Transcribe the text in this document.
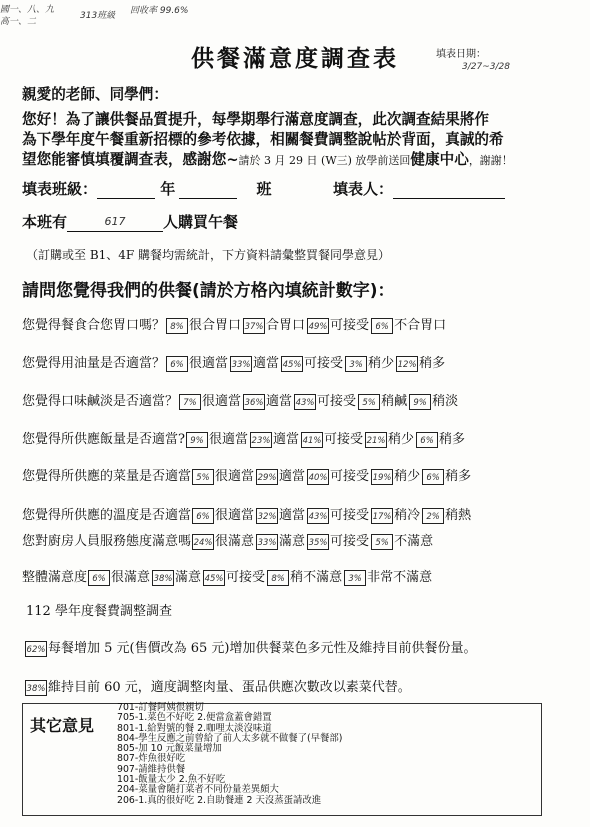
國一、八、九
高一、二
313班級 回收率 99.6%
供餐滿意度調查表	填表日期：
3/27~3/28
親愛的老師、同學們：
您好！為了讓供餐品質提升，每學期舉行滿意度調查，此次調查結果將作
為下學年度午餐重新招標的參考依據，相關餐費調整說帖於背面，真誠的希
望您能審慎填覆調查表，感謝您~請於 3 月 29 日 (W三) 放學前送回健康中心，謝謝！
填表班級：	年	班	填表人：
本班有	617	人購買午餐
（訂購或至 B1、4F 購餐均需統計，下方資料請彙整買餐同學意見）
請問您覺得我們的供餐(請於方格內填統計數字)：
您覺得餐食合您胃口嗎？ 8% 很合胃口 37% 合胃口 49% 可接受 6% 不合胃口
您覺得用油量是否適當？ 6% 很適當 33% 適當 45% 可接受 3% 稍少 12% 稍多
您覺得口味鹹淡是否適當？ 7% 很適當 36% 適當 43% 可接受 5% 稍鹹 9% 稍淡
您覺得所供應飯量是否適當? 9% 很適當 23% 適當 41% 可接受 21% 稍少 6% 稍多
您覺得所供應的菜量是否適當 5% 很適當 29% 適當 40% 可接受 19% 稍少 6% 稍多
您覺得所供應的溫度是否適當 6% 很適當 32% 適當 43% 可接受 17% 稍冷 2% 稍熱
您對廚房人員服務態度滿意嗎 24% 很滿意 33% 滿意 35% 可接受 5% 不滿意
整體滿意度 6% 很滿意 38% 滿意 45% 可接受 8% 稍不滿意 3% 非常不滿意
112 學年度餐費調整調查
62% 每餐增加 5 元(售價改為 65 元)增加供餐菜色多元性及維持目前供餐份量。
38% 維持目前 60 元，適度調整肉量、蛋品供應次數改以素菜代替。
其它意見
701-訂餐阿姨很親切
705-1.菜色不好吃 2.便當盒蓋會錯置
801-1.給對號的餐 2.咖哩太淡沒味道
804-學生反應之前曾給了前人太多就不做餐了(早餐部)
805-加 10 元飯菜量增加
807-炸魚很好吃
907-請維持供餐
101-飯量太少 2.魚不好吃
204-菜量會隨打菜者不同份量差異頗大
206-1.真的很好吃 2.自助餐連 2 天沒蒸蛋請改進
